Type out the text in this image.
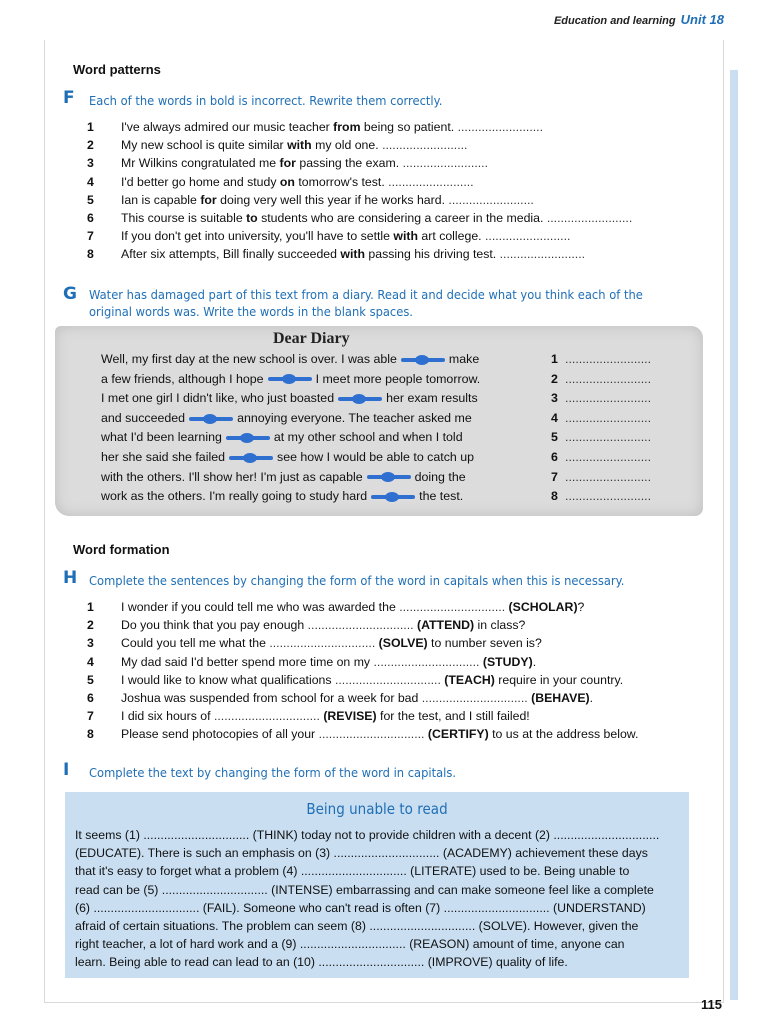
Education and learning Unit 18
Word patterns
F Each of the words in bold is incorrect. Rewrite them correctly.
1	I've always admired our music teacher from being so patient. .........................
2	My new school is quite similar with my old one. .........................
3	Mr Wilkins congratulated me for passing the exam. .........................
4	I'd better go home and study on tomorrow's test. .........................
5	Ian is capable for doing very well this year if he works hard. .........................
6	This course is suitable to students who are considering a career in the media. .........................
7	If you don't get into university, you'll have to settle with art college. .........................
8	After six attempts, Bill finally succeeded with passing his driving test. .........................
G Water has damaged part of this text from a diary. Read it and decide what you think each of the
original words was. Write the words in the blank spaces.
Dear Diary
Well, my first day at the new school is over. I was able	make
a few friends, although I hope	I meet more people tomorrow.
I met one girl I didn't like, who just boasted	her exam results
and succeeded	annoying everyone. The teacher asked me
what I'd been learning	at my other school and when I told
her she said she failed	see how I would be able to catch up
with the others. I'll show her! I'm just as capable	doing the
work as the others. I'm really going to study hard	the test.
1 .........................
2 .........................
3 .........................
4 .........................
5 .........................
6 .........................
7 .........................
8 .........................
Word formation
H Complete the sentences by changing the form of the word in capitals when this is necessary.
1	I wonder if you could tell me who was awarded the ............................... (SCHOLAR)?
2	Do you think that you pay enough ............................... (ATTEND) in class?
3	Could you tell me what the ............................... (SOLVE) to number seven is?
4	My dad said I'd better spend more time on my ............................... (STUDY).
5	I would like to know what qualifications ............................... (TEACH) require in your country.
6	Joshua was suspended from school for a week for bad ............................... (BEHAVE).
7	I did six hours of ............................... (REVISE) for the test, and I still failed!
8	Please send photocopies of all your ............................... (CERTIFY) to us at the address below.
I Complete the text by changing the form of the word in capitals.
Being unable to read
It seems (1) ............................... (THINK) today not to provide children with a decent (2) ...............................
(EDUCATE). There is such an emphasis on (3) ............................... (ACADEMY) achievement these days
that it's easy to forget what a problem (4) ............................... (LITERATE) used to be. Being unable to
read can be (5) ............................... (INTENSE) embarrassing and can make someone feel like a complete
(6) ............................... (FAIL). Someone who can't read is often (7) ............................... (UNDERSTAND)
afraid of certain situations. The problem can seem (8) ............................... (SOLVE). However, given the
right teacher, a lot of hard work and a (9) ............................... (REASON) amount of time, anyone can
learn. Being able to read can lead to an (10) ............................... (IMPROVE) quality of life.
115
